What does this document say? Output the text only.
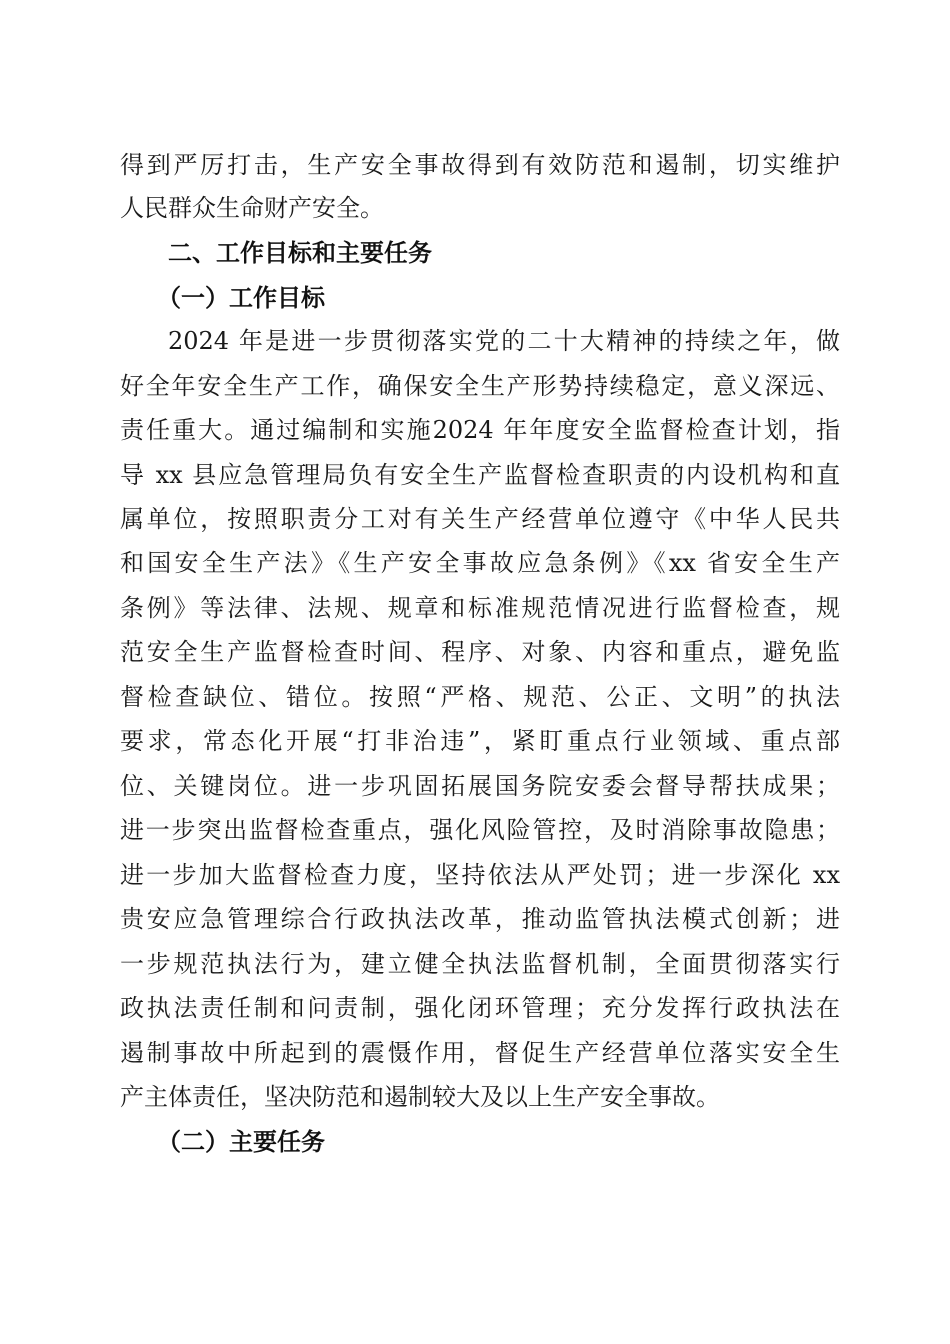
得到严厉打击，生产安全事故得到有效防范和遏制，切实维护
人民群众生命财产安全。
二、工作目标和主要任务
（一）工作目标
2024 年是进一步贯彻落实党的二十大精神的持续之年，做
好全年安全生产工作，确保安全生产形势持续稳定，意义深远、
责任重大。通过编制和实施2024 年年度安全监督检查计划，指
导 xx 县应急管理局负有安全生产监督检查职责的内设机构和直
属单位，按照职责分工对有关生产经营单位遵守《中华人民共
和国安全生产法》《生产安全事故应急条例》《xx 省安全生产
条例》等法律、法规、规章和标准规范情况进行监督检查，规
范安全生产监督检查时间、程序、对象、内容和重点，避免监
督检查缺位、错位。按照“严格、规范、公正、文明”的执法
要求，常态化开展“打非治违”，紧盯重点行业领域、重点部
位、关键岗位。进一步巩固拓展国务院安委会督导帮扶成果；
进一步突出监督检查重点，强化风险管控，及时消除事故隐患；
进一步加大监督检查力度，坚持依法从严处罚；进一步深化 xx
贵安应急管理综合行政执法改革，推动监管执法模式创新；进
一步规范执法行为，建立健全执法监督机制，全面贯彻落实行
政执法责任制和问责制，强化闭环管理；充分发挥行政执法在
遏制事故中所起到的震慑作用，督促生产经营单位落实安全生
产主体责任，坚决防范和遏制较大及以上生产安全事故。
（二）主要任务
